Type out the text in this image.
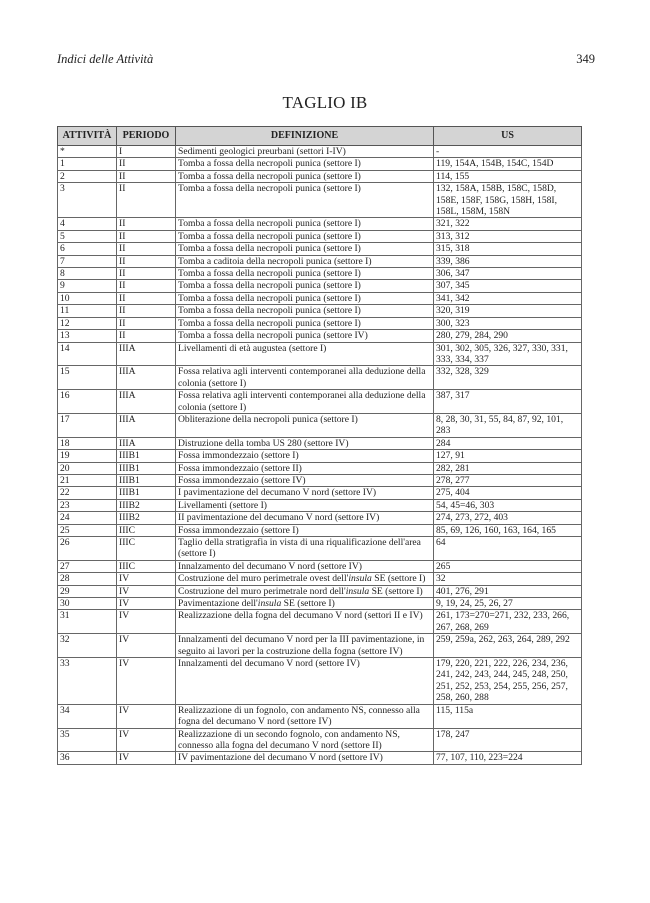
Indici delle Attività	349
TAGLIO IB
ATTIVITÀ	PERIODO	DEFINIZIONE	US
*	I	Sedimenti geologici preurbani (settori I-IV)	-
1	II	Tomba a fossa della necropoli punica (settore I)	119, 154A, 154B, 154C, 154D
2	II	Tomba a fossa della necropoli punica (settore I)	114, 155
3	II	Tomba a fossa della necropoli punica (settore I)	132, 158A, 158B, 158C, 158D, 158E, 158F, 158G, 158H, 158I, 158L, 158M, 158N
4	II	Tomba a fossa della necropoli punica (settore I)	321, 322
5	II	Tomba a fossa della necropoli punica (settore I)	313, 312
6	II	Tomba a fossa della necropoli punica (settore I)	315, 318
7	II	Tomba a caditoia della necropoli punica (settore I)	339, 386
8	II	Tomba a fossa della necropoli punica (settore I)	306, 347
9	II	Tomba a fossa della necropoli punica (settore I)	307, 345
10	II	Tomba a fossa della necropoli punica (settore I)	341, 342
11	II	Tomba a fossa della necropoli punica (settore I)	320, 319
12	II	Tomba a fossa della necropoli punica (settore I)	300, 323
13	II	Tomba a fossa della necropoli punica (settore IV)	280, 279, 284, 290
14	IIIA	Livellamenti di età augustea (settore I)	301, 302, 305, 326, 327, 330, 331, 333, 334, 337
15	IIIA	Fossa relativa agli interventi contemporanei alla deduzione della colonia (settore I)	332, 328, 329
16	IIIA	Fossa relativa agli interventi contemporanei alla deduzione della colonia (settore I)	387, 317
17	IIIA	Obliterazione della necropoli punica (settore I)	8, 28, 30, 31, 55, 84, 87, 92, 101, 283
18	IIIA	Distruzione della tomba US 280 (settore IV)	284
19	IIIB1	Fossa immondezzaio (settore I)	127, 91
20	IIIB1	Fossa immondezzaio (settore II)	282, 281
21	IIIB1	Fossa immondezzaio (settore IV)	278, 277
22	IIIB1	I pavimentazione del decumano V nord (settore IV)	275, 404
23	IIIB2	Livellamenti (settore I)	54, 45=46, 303
24	IIIB2	II pavimentazione del decumano V nord (settore IV)	274, 273, 272, 403
25	IIIC	Fossa immondezzaio (settore I)	85, 69, 126, 160, 163, 164, 165
26	IIIC	Taglio della stratigrafia in vista di una riqualificazione dell'area (settore I)	64
27	IIIC	Innalzamento del decumano V nord (settore IV)	265
28	IV	Costruzione del muro perimetrale ovest dell'insula SE (settore I)	32
29	IV	Costruzione del muro perimetrale nord dell'insula SE (settore I)	401, 276, 291
30	IV	Pavimentazione dell'insula SE (settore I)	9, 19, 24, 25, 26, 27
31	IV	Realizzazione della fogna del decumano V nord (settori II e IV)	261, 173=270=271, 232, 233, 266, 267, 268, 269
32	IV	Innalzamenti del decumano V nord per la III pavimentazione, in seguito ai lavori per la costruzione della fogna (settore IV)	259, 259a, 262, 263, 264, 289, 292
33	IV	Innalzamenti del decumano V nord (settore IV)	179, 220, 221, 222, 226, 234, 236, 241, 242, 243, 244, 245, 248, 250, 251, 252, 253, 254, 255, 256, 257, 258, 260, 288
34	IV	Realizzazione di un fognolo, con andamento NS, connesso alla fogna del decumano V nord (settore IV)	115, 115a
35	IV	Realizzazione di un secondo fognolo, con andamento NS, connesso alla fogna del decumano V nord (settore II)	178, 247
36	IV	IV pavimentazione del decumano V nord (settore IV)	77, 107, 110, 223=224
